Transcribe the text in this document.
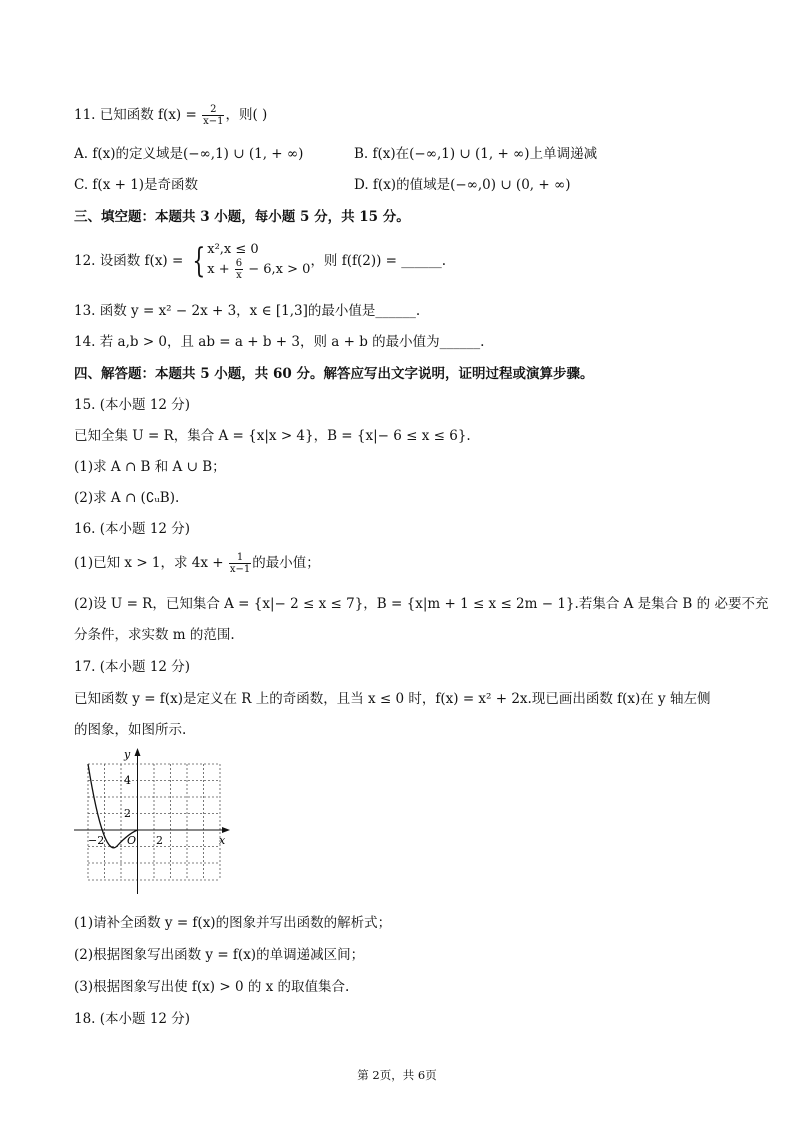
11. 已知函数 $f(x) = \frac{2}{x-1}$ ，则( )
A. f(x)的定义域是(−∞,1) ∪ (1, + ∞)	B. f(x)在(−∞,1) ∪ (1, + ∞)上单调递减
C. f(x + 1)是奇函数	D. f(x)的值域是(−∞,0) ∪ (0, + ∞)
三、填空题：本题共 3 小题，每小题 5 分，共 15 分。
12. 设函数 f(x) = { x²,x ≤ 0
$x + \frac{6}{x} - 6,x > 0$
，则 f(f(2)) = ______.
13. 函数 y = x² − 2x + 3，x ∈ [1,3]的最小值是______.
14. 若 a,b > 0，且 ab = a + b + 3，则 a + b 的最小值为______.
四、解答题：本题共 5 小题，共 60 分。解答应写出文字说明，证明过程或演算步骤。
15. (本小题 12 分)
已知全集 U = R，集合 A = {x|x > 4}，B = {x|− 6 ≤ x ≤ 6}.
(1)求 A ∩ B 和 A ∪ B；
(2)求 A ∩ (∁ᵤB).
16. (本小题 12 分)
(1)已知 x > 1，求 $4x + \frac{1}{x-1}$ 的最小值；
(2)设 U = R，已知集合 A = {x|− 2 ≤ x ≤ 7}，B = {x|m + 1 ≤ x ≤ 2m − 1}.若集合 A 是集合 B 的 必要不充
分条件，求实数 m 的范围.
17. (本小题 12 分)
已知函数 y = f(x)是定义在 R 上的奇函数，且当 x ≤ 0 时，f(x) = x² + 2x.现已画出函数 f(x)在 y 轴左侧
的图象，如图所示.
y
x
O
4
2
−2	2
(1)请补全函数 y = f(x)的图象并写出函数的解析式；
(2)根据图象写出函数 y = f(x)的单调递减区间；
(3)根据图象写出使 f(x) > 0 的 x 的取值集合.
18. (本小题 12 分)
第 2页，共 6页
